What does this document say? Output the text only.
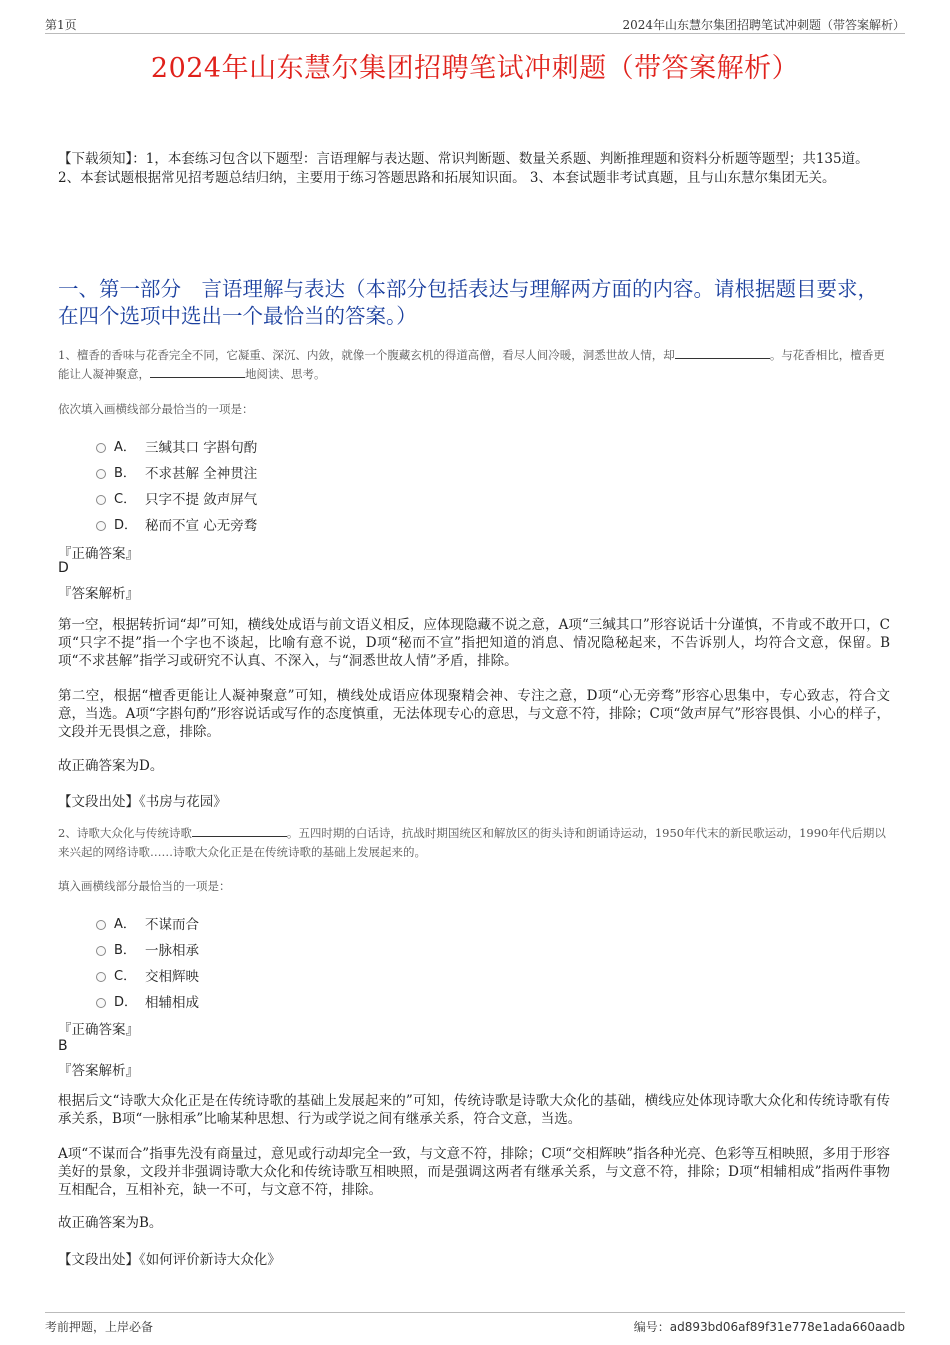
第1页	2024年山东慧尔集团招聘笔试冲刺题（带答案解析）
2024年山东慧尔集团招聘笔试冲刺题（带答案解析）
【下载须知】：1，本套练习包含以下题型：言语理解与表达题、常识判断题、数量关系题、判断推理题和资料分析题等题型；共135道。 2、本套试题根据常见招考题总结归纳，主要用于练习答题思路和拓展知识面。 3、本套试题非考试真题，且与山东慧尔集团无关。
一、第一部分　言语理解与表达（本部分包括表达与理解两方面的内容。请根据题目要求，在四个选项中选出一个最恰当的答案。）
1、檀香的香味与花香完全不同，它凝重、深沉、内敛，就像一个腹藏玄机的得道高僧，看尽人间冷暖，洞悉世故人情，却	。与花香相比，檀香更能让人凝神聚意，	地阅读、思考。
依次填入画横线部分最恰当的一项是：
A． 三缄其口 字斟句酌
B． 不求甚解 全神贯注
C． 只字不提 敛声屏气
D． 秘而不宣 心无旁骛
『正确答案』
D
『答案解析』
第一空，根据转折词“却”可知，横线处成语与前文语义相反，应体现隐藏不说之意，A项“三缄其口”形容说话十分谨慎，不肯或不敢开口，C项“只字不提”指一个字也不谈起，比喻有意不说，D项“秘而不宣”指把知道的消息、情况隐秘起来，不告诉别人，均符合文意，保留。B项“不求甚解”指学习或研究不认真、不深入，与“洞悉世故人情”矛盾，排除。
第二空，根据“檀香更能让人凝神聚意”可知，横线处成语应体现聚精会神、专注之意，D项“心无旁骛”形容心思集中，专心致志，符合文意，当选。A项“字斟句酌”形容说话或写作的态度慎重，无法体现专心的意思，与文意不符，排除；C项“敛声屏气”形容畏惧、小心的样子，文段并无畏惧之意，排除。
故正确答案为D。
【文段出处】《书房与花园》
2、诗歌大众化与传统诗歌	。五四时期的白话诗，抗战时期国统区和解放区的街头诗和朗诵诗运动，1950年代末的新民歌运动，1990年代后期以来兴起的网络诗歌……诗歌大众化正是在传统诗歌的基础上发展起来的。
填入画横线部分最恰当的一项是：
A． 不谋而合
B． 一脉相承
C． 交相辉映
D． 相辅相成
『正确答案』
B
『答案解析』
根据后文“诗歌大众化正是在传统诗歌的基础上发展起来的”可知，传统诗歌是诗歌大众化的基础，横线应处体现诗歌大众化和传统诗歌有传承关系，B项“一脉相承”比喻某种思想、行为或学说之间有继承关系，符合文意，当选。
A项“不谋而合”指事先没有商量过，意见或行动却完全一致，与文意不符，排除；C项“交相辉映”指各种光亮、色彩等互相映照，多用于形容美好的景象，文段并非强调诗歌大众化和传统诗歌互相映照，而是强调这两者有继承关系，与文意不符，排除；D项“相辅相成”指两件事物互相配合，互相补充，缺一不可，与文意不符，排除。
故正确答案为B。
【文段出处】《如何评价新诗大众化》
考前押题，上岸必备	编号：ad893bd06af89f31e778e1ada660aadb
